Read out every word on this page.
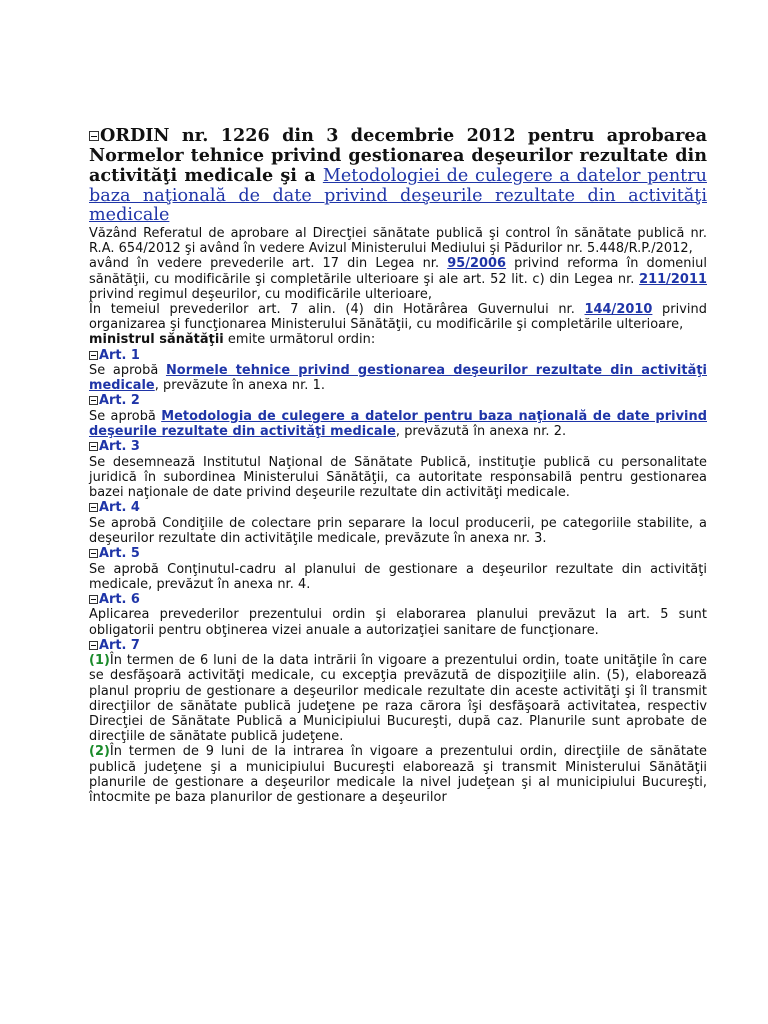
ORDIN nr. 1226 din 3 decembrie 2012 pentru aprobarea Normelor tehnice privind gestionarea deşeurilor rezultate din activităţi medicale şi a Metodologiei de culegere a datelor pentru baza naţională de date privind deşeurile rezultate din activităţi medicale

Văzând Referatul de aprobare al Direcţiei sănătate publică şi control în sănătate publică nr. R.A. 654/2012 şi având în vedere Avizul Ministerului Mediului şi Pădurilor nr. 5.448/R.P./2012,

având în vedere prevederile art. 17 din Legea nr. 95/2006 privind reforma în domeniul sănătăţii, cu modificările şi completările ulterioare şi ale art. 52 lit. c) din Legea nr. 211/2011 privind regimul deşeurilor, cu modificările ulterioare,

În temeiul prevederilor art. 7 alin. (4) din Hotărârea Guvernului nr. 144/2010 privind organizarea şi funcţionarea Ministerului Sănătăţii, cu modificările şi completările ulterioare,

ministrul sănătăţii emite următorul ordin:

Art. 1

Se aprobă Normele tehnice privind gestionarea deşeurilor rezultate din activităţi medicale, prevăzute în anexa nr. 1.

Art. 2

Se aprobă Metodologia de culegere a datelor pentru baza naţională de date privind deşeurile rezultate din activităţi medicale, prevăzută în anexa nr. 2.

Art. 3

Se desemnează Institutul Naţional de Sănătate Publică, instituţie publică cu personalitate juridică în subordinea Ministerului Sănătăţii, ca autoritate responsabilă pentru gestionarea bazei naţionale de date privind deşeurile rezultate din activităţi medicale.

Art. 4

Se aprobă Condiţiile de colectare prin separare la locul producerii, pe categoriile stabilite, a deşeurilor rezultate din activităţile medicale, prevăzute în anexa nr. 3.

Art. 5

Se aprobă Conţinutul-cadru al planului de gestionare a deşeurilor rezultate din activităţi medicale, prevăzut în anexa nr. 4.

Art. 6

Aplicarea prevederilor prezentului ordin şi elaborarea planului prevăzut la art. 5 sunt obligatorii pentru obţinerea vizei anuale a autorizaţiei sanitare de funcţionare.

Art. 7

(1)În termen de 6 luni de la data intrării în vigoare a prezentului ordin, toate unităţile în care se desfăşoară activităţi medicale, cu excepţia prevăzută de dispoziţiile alin. (5), elaborează planul propriu de gestionare a deşeurilor medicale rezultate din aceste activităţi şi îl transmit direcţiilor de sănătate publică judeţene pe raza cărora îşi desfăşoară activitatea, respectiv Direcţiei de Sănătate Publică a Municipiului Bucureşti, după caz. Planurile sunt aprobate de direcţiile de sănătate publică judeţene.

(2)În termen de 9 luni de la intrarea în vigoare a prezentului ordin, direcţiile de sănătate publică judeţene şi a municipiului Bucureşti elaborează şi transmit Ministerului Sănătăţii planurile de gestionare a deşeurilor medicale la nivel judeţean şi al municipiului Bucureşti, întocmite pe baza planurilor de gestionare a deşeurilor
